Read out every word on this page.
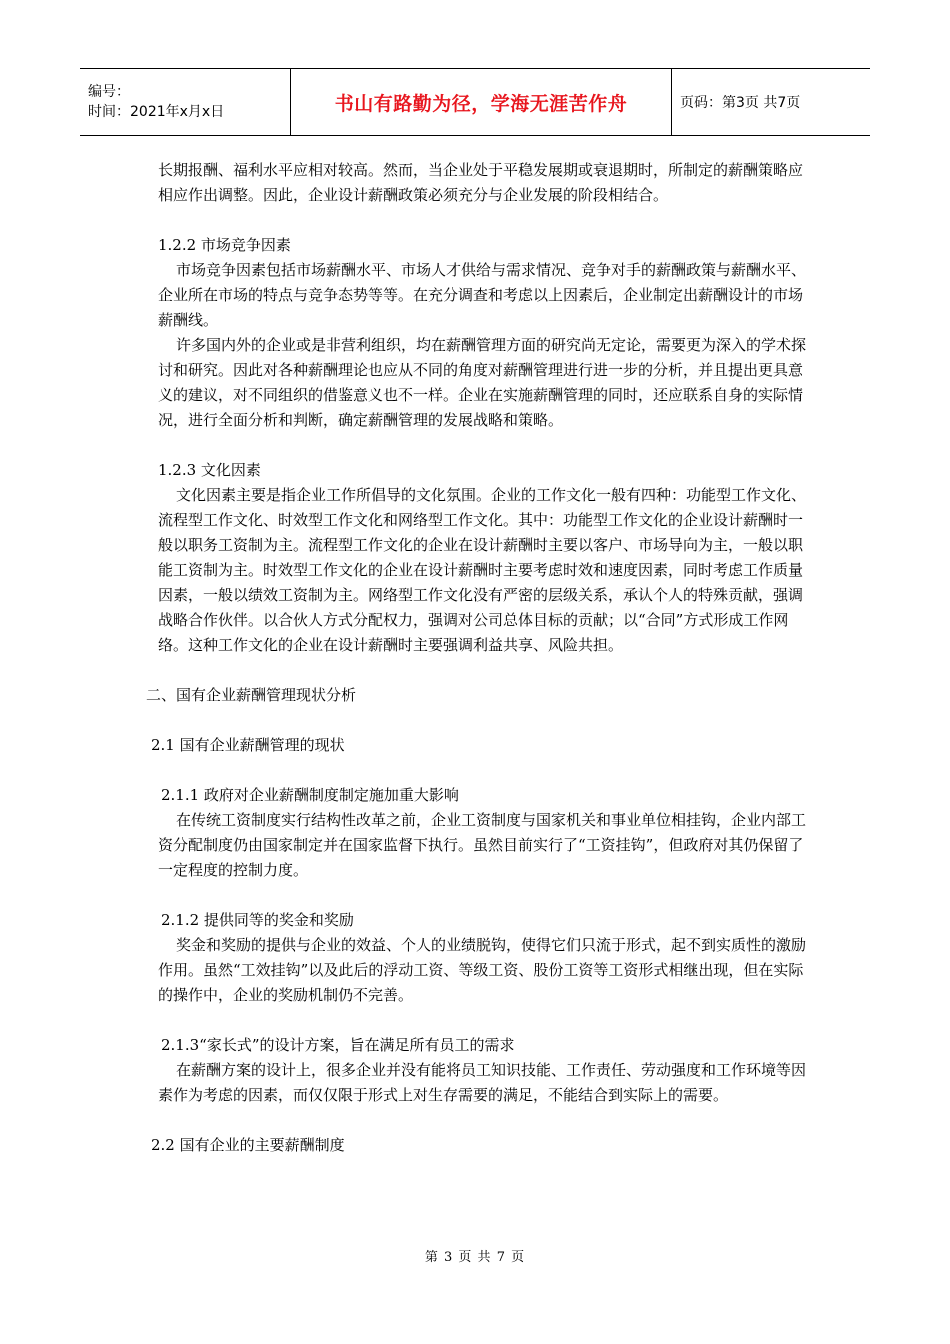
编号：
时间：2021年x月x日	书山有路勤为径，学海无涯苦作舟	页码：第3页 共7页

长期报酬、福利水平应相对较高。然而，当企业处于平稳发展期或衰退期时，所制定的薪酬策略应相应作出调整。因此，企业设计薪酬政策必须充分与企业发展的阶段相结合。

1.2.2 市场竞争因素

市场竞争因素包括市场薪酬水平、市场人才供给与需求情况、竞争对手的薪酬政策与薪酬水平、企业所在市场的特点与竞争态势等等。在充分调查和考虑以上因素后，企业制定出薪酬设计的市场薪酬线。

许多国内外的企业或是非营利组织，均在薪酬管理方面的研究尚无定论，需要更为深入的学术探讨和研究。因此对各种薪酬理论也应从不同的角度对薪酬管理进行进一步的分析，并且提出更具意义的建议，对不同组织的借鉴意义也不一样。企业在实施薪酬管理的同时，还应联系自身的实际情况，进行全面分析和判断，确定薪酬管理的发展战略和策略。

1.2.3 文化因素

文化因素主要是指企业工作所倡导的文化氛围。企业的工作文化一般有四种：功能型工作文化、流程型工作文化、时效型工作文化和网络型工作文化。其中：功能型工作文化的企业设计薪酬时一般以职务工资制为主。流程型工作文化的企业在设计薪酬时主要以客户、市场导向为主，一般以职能工资制为主。时效型工作文化的企业在设计薪酬时主要考虑时效和速度因素，同时考虑工作质量因素，一般以绩效工资制为主。网络型工作文化没有严密的层级关系，承认个人的特殊贡献，强调战略合作伙伴。以合伙人方式分配权力，强调对公司总体目标的贡献；以“合同”方式形成工作网络。这种工作文化的企业在设计薪酬时主要强调利益共享、风险共担。

二、国有企业薪酬管理现状分析

2.1 国有企业薪酬管理的现状

2.1.1 政府对企业薪酬制度制定施加重大影响

在传统工资制度实行结构性改革之前，企业工资制度与国家机关和事业单位相挂钩，企业内部工资分配制度仍由国家制定并在国家监督下执行。虽然目前实行了“工资挂钩”，但政府对其仍保留了一定程度的控制力度。

2.1.2 提供同等的奖金和奖励

奖金和奖励的提供与企业的效益、个人的业绩脱钩，使得它们只流于形式，起不到实质性的激励作用。虽然“工效挂钩”以及此后的浮动工资、等级工资、股份工资等工资形式相继出现，但在实际的操作中，企业的奖励机制仍不完善。

2.1.3“家长式”的设计方案，旨在满足所有员工的需求

在薪酬方案的设计上，很多企业并没有能将员工知识技能、工作责任、劳动强度和工作环境等因素作为考虑的因素，而仅仅限于形式上对生存需要的满足，不能结合到实际上的需要。

2.2 国有企业的主要薪酬制度

第 3 页 共 7 页
